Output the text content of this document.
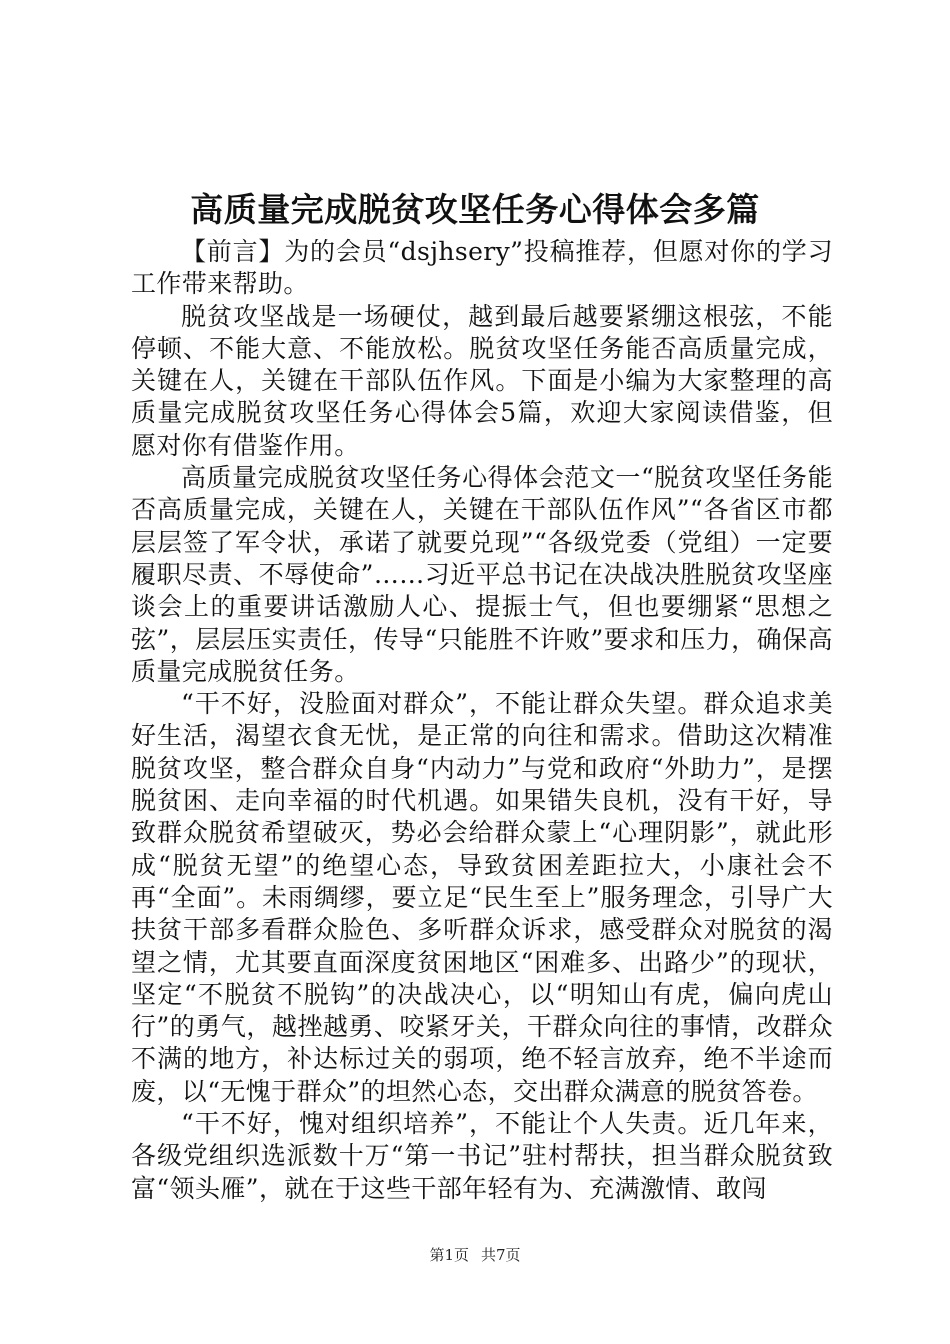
高质量完成脱贫攻坚任务心得体会多篇

【前言】为的会员“dsjhsery”投稿推荐，但愿对你的学习工作带来帮助。

脱贫攻坚战是一场硬仗，越到最后越要紧绷这根弦，不能停顿、不能大意、不能放松。脱贫攻坚任务能否高质量完成，关键在人，关键在干部队伍作风。下面是小编为大家整理的高质量完成脱贫攻坚任务心得体会5篇，欢迎大家阅读借鉴，但愿对你有借鉴作用。

高质量完成脱贫攻坚任务心得体会范文一“脱贫攻坚任务能否高质量完成，关键在人，关键在干部队伍作风”“各省区市都层层签了军令状，承诺了就要兑现”“各级党委（党组）一定要履职尽责、不辱使命”……习近平总书记在决战决胜脱贫攻坚座谈会上的重要讲话激励人心、提振士气，但也要绷紧“思想之弦”，层层压实责任，传导“只能胜不许败”要求和压力，确保高质量完成脱贫任务。

“干不好，没脸面对群众”，不能让群众失望。群众追求美好生活，渴望衣食无忧，是正常的向往和需求。借助这次精准脱贫攻坚，整合群众自身“内动力”与党和政府“外助力”，是摆脱贫困、走向幸福的时代机遇。如果错失良机，没有干好，导致群众脱贫希望破灭，势必会给群众蒙上“心理阴影”，就此形成“脱贫无望”的绝望心态，导致贫困差距拉大，小康社会不再“全面”。未雨绸缪，要立足“民生至上”服务理念，引导广大扶贫干部多看群众脸色、多听群众诉求，感受群众对脱贫的渴望之情，尤其要直面深度贫困地区“困难多、出路少”的现状，坚定“不脱贫不脱钩”的决战决心，以“明知山有虎，偏向虎山行”的勇气，越挫越勇、咬紧牙关，干群众向往的事情，改群众不满的地方，补达标过关的弱项，绝不轻言放弃，绝不半途而废，以“无愧于群众”的坦然心态，交出群众满意的脱贫答卷。

“干不好，愧对组织培养”，不能让个人失责。近几年来，各级党组织选派数十万“第一书记”驻村帮扶，担当群众脱贫致富“领头雁”，就在于这些干部年轻有为、充满激情、敢闯

第1页 共7页
